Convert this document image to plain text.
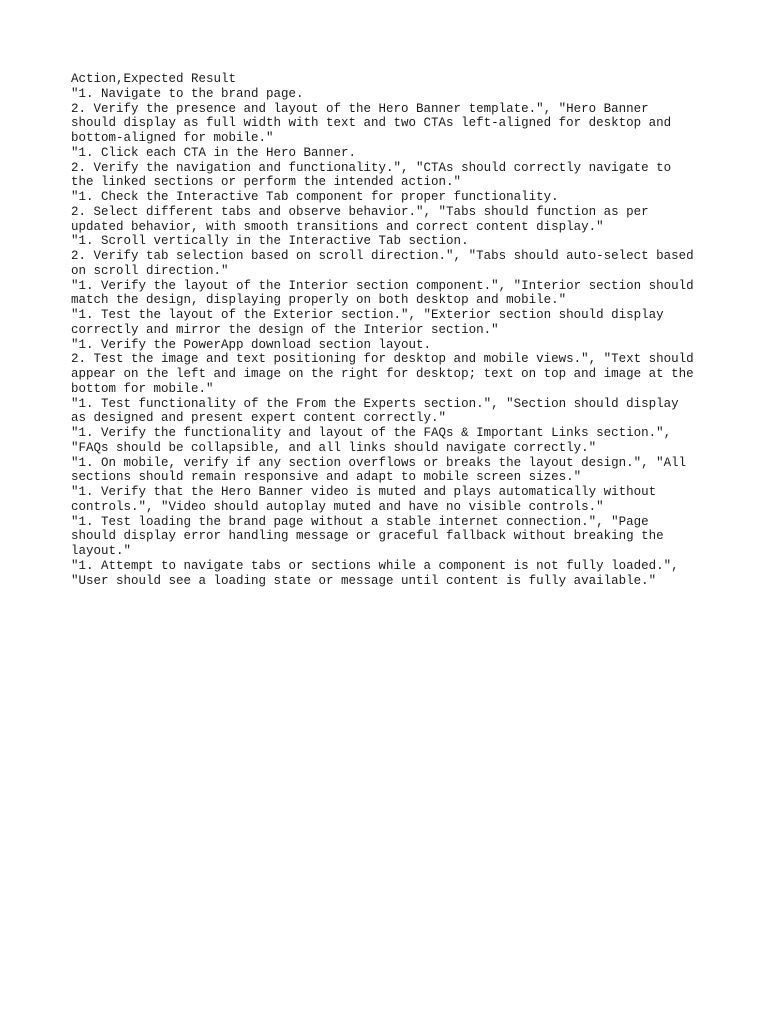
Action,Expected Result
"1. Navigate to the brand page.
2. Verify the presence and layout of the Hero Banner template.", "Hero Banner
should display as full width with text and two CTAs left-aligned for desktop and
bottom-aligned for mobile."
"1. Click each CTA in the Hero Banner.
2. Verify the navigation and functionality.", "CTAs should correctly navigate to
the linked sections or perform the intended action."
"1. Check the Interactive Tab component for proper functionality.
2. Select different tabs and observe behavior.", "Tabs should function as per
updated behavior, with smooth transitions and correct content display."
"1. Scroll vertically in the Interactive Tab section.
2. Verify tab selection based on scroll direction.", "Tabs should auto-select based
on scroll direction."
"1. Verify the layout of the Interior section component.", "Interior section should
match the design, displaying properly on both desktop and mobile."
"1. Test the layout of the Exterior section.", "Exterior section should display
correctly and mirror the design of the Interior section."
"1. Verify the PowerApp download section layout.
2. Test the image and text positioning for desktop and mobile views.", "Text should
appear on the left and image on the right for desktop; text on top and image at the
bottom for mobile."
"1. Test functionality of the From the Experts section.", "Section should display
as designed and present expert content correctly."
"1. Verify the functionality and layout of the FAQs & Important Links section.",
"FAQs should be collapsible, and all links should navigate correctly."
"1. On mobile, verify if any section overflows or breaks the layout design.", "All
sections should remain responsive and adapt to mobile screen sizes."
"1. Verify that the Hero Banner video is muted and plays automatically without
controls.", "Video should autoplay muted and have no visible controls."
"1. Test loading the brand page without a stable internet connection.", "Page
should display error handling message or graceful fallback without breaking the
layout."
"1. Attempt to navigate tabs or sections while a component is not fully loaded.",
"User should see a loading state or message until content is fully available."
